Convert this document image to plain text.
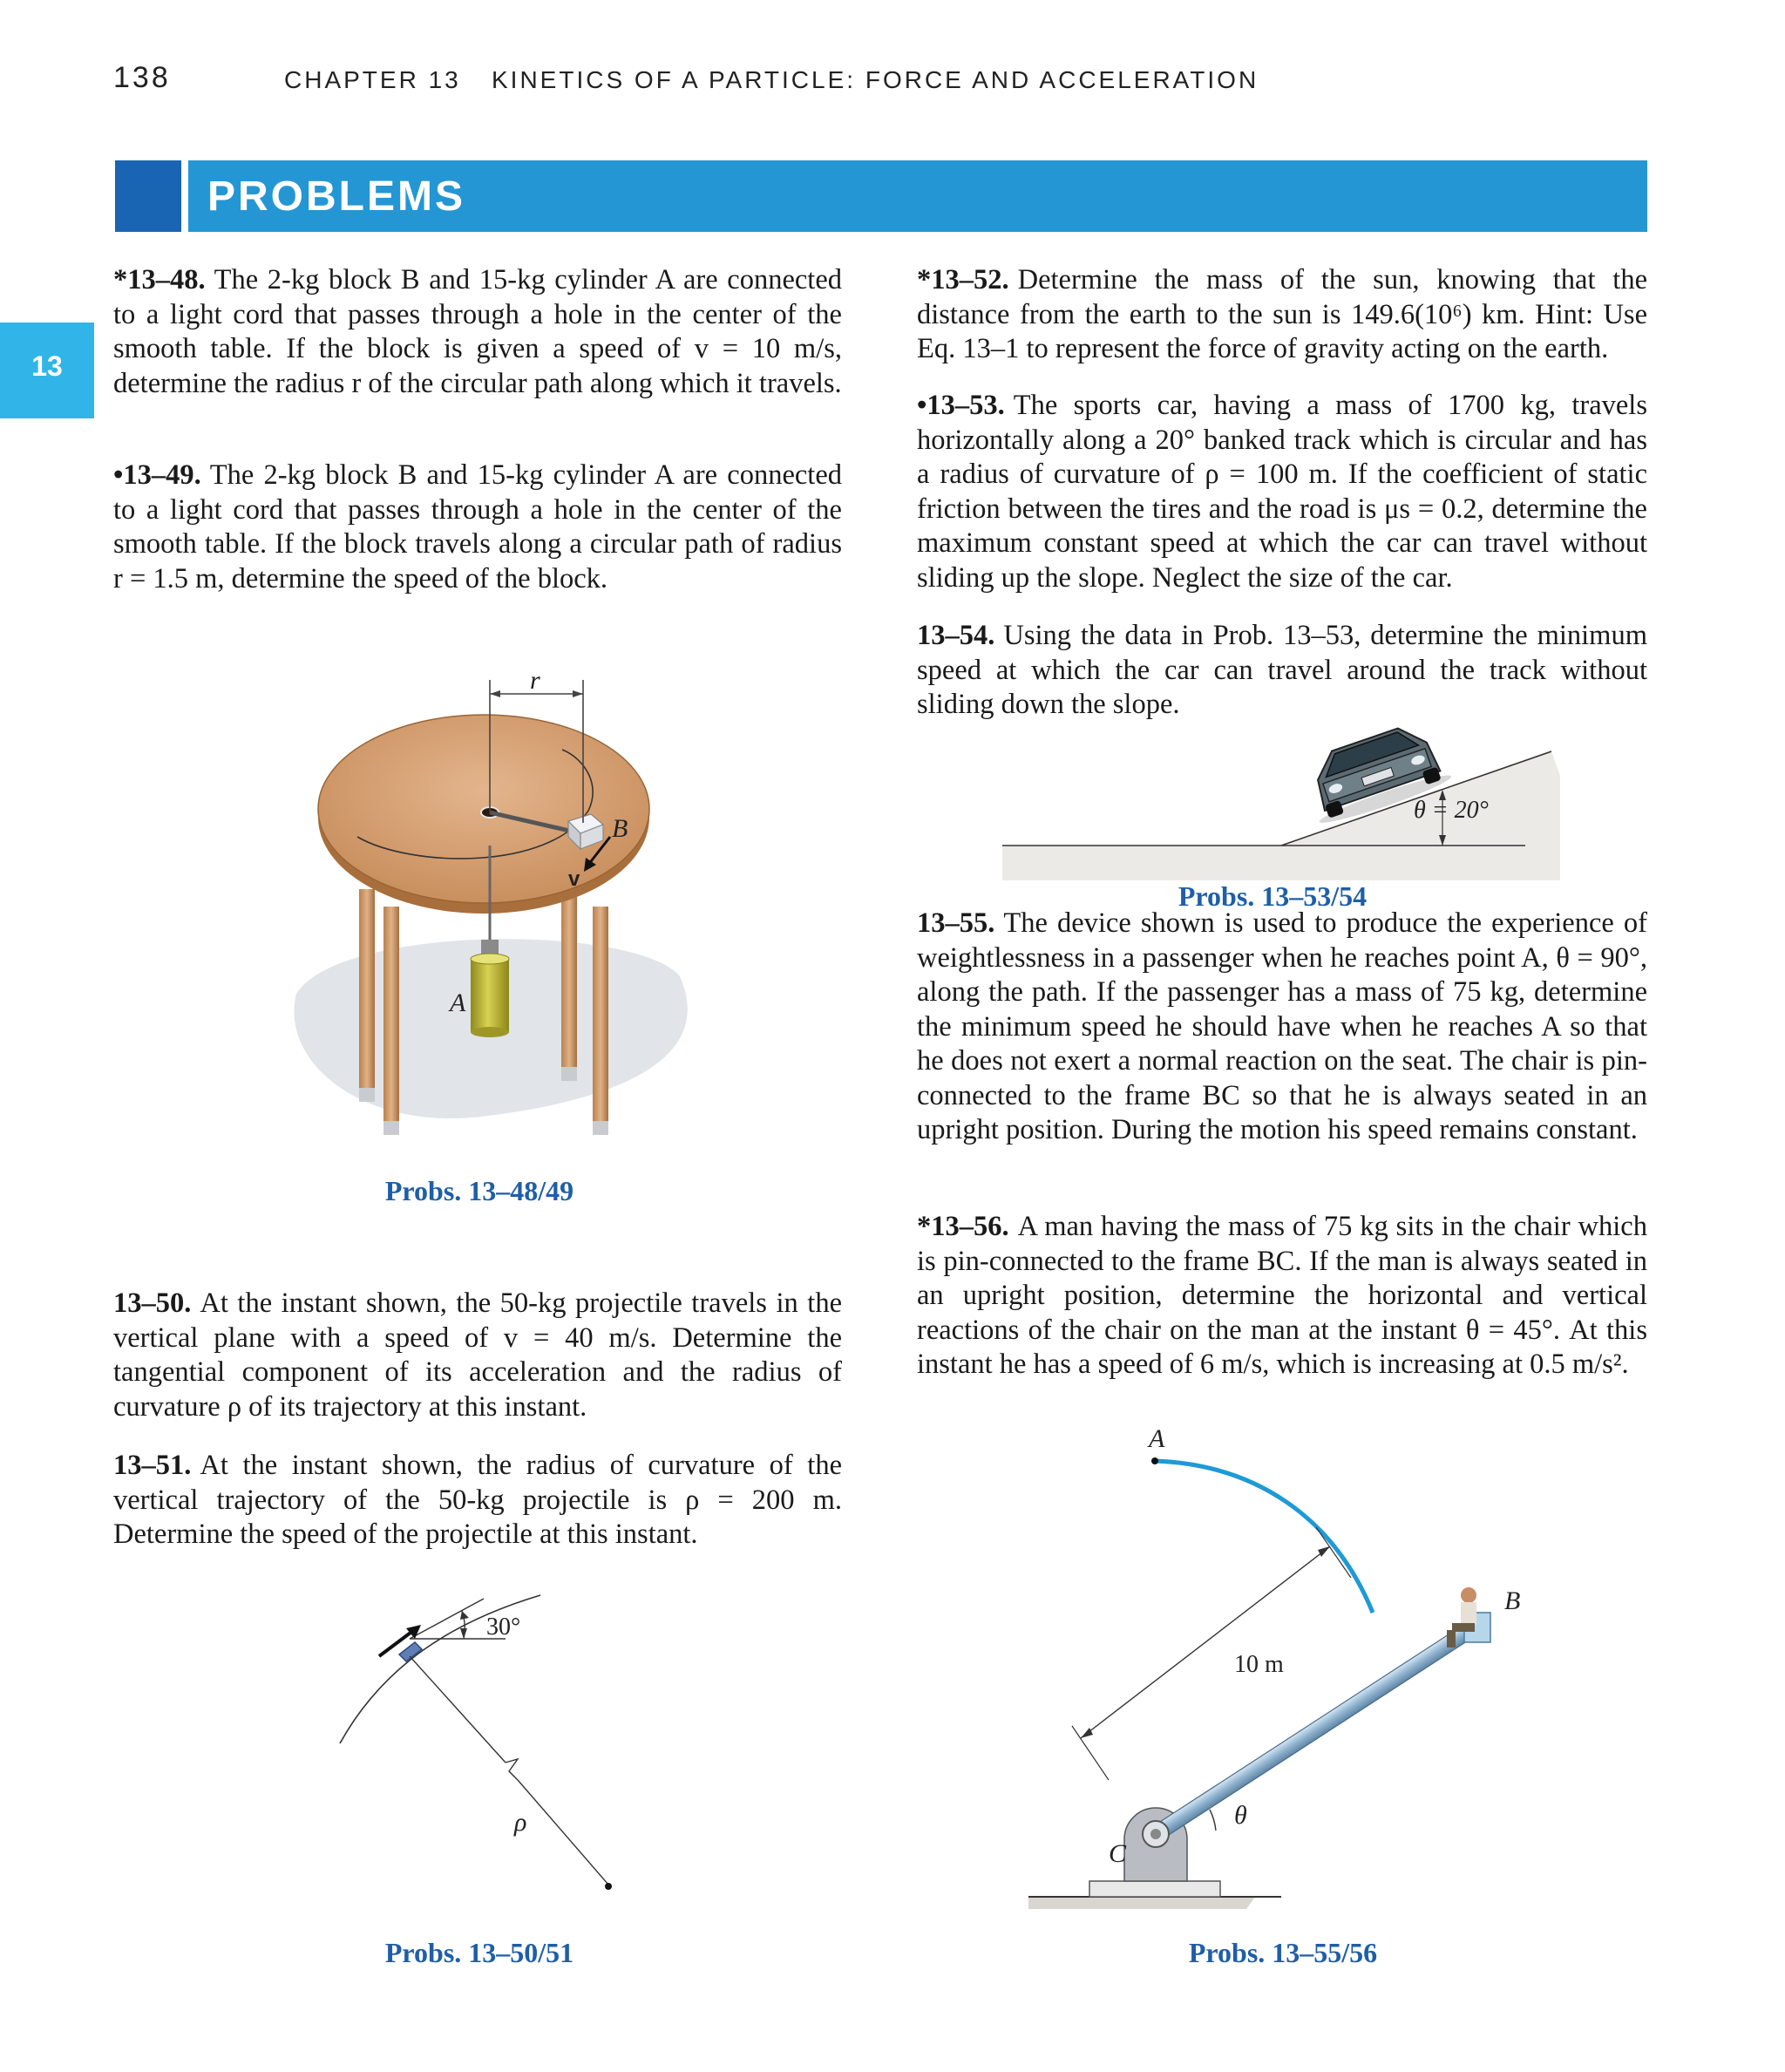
138	CHAPTER 13 KINETICS OF A PARTICLE: FORCE AND ACCELERATION
PROBLEMS
13
*13–48. The 2-kg block B and 15-kg cylinder A are connected to a light cord that passes through a hole in the center of the smooth table. If the block is given a speed of v = 10 m/s, determine the radius r of the circular path along which it travels.
•13–49. The 2-kg block B and 15-kg cylinder A are connected to a light cord that passes through a hole in the center of the smooth table. If the block travels along a circular path of radius r = 1.5 m, determine the speed of the block.
r
B
v
A
Probs. 13–48/49
13–50. At the instant shown, the 50-kg projectile travels in the vertical plane with a speed of v = 40 m/s. Determine the tangential component of its acceleration and the radius of curvature ρ of its trajectory at this instant.
13–51. At the instant shown, the radius of curvature of the vertical trajectory of the 50-kg projectile is ρ = 200 m. Determine the speed of the projectile at this instant.
30°
ρ
Probs. 13–50/51
*13–52. Determine the mass of the sun, knowing that the distance from the earth to the sun is 149.6(10⁶) km. Hint: Use Eq. 13–1 to represent the force of gravity acting on the earth.
•13–53. The sports car, having a mass of 1700 kg, travels horizontally along a 20° banked track which is circular and has a radius of curvature of ρ = 100 m. If the coefficient of static friction between the tires and the road is μs = 0.2, determine the maximum constant speed at which the car can travel without sliding up the slope. Neglect the size of the car.
13–54. Using the data in Prob. 13–53, determine the minimum speed at which the car can travel around the track without sliding down the slope.
θ = 20°
Probs. 13–53/54
13–55. The device shown is used to produce the experience of weightlessness in a passenger when he reaches point A, θ = 90°, along the path. If the passenger has a mass of 75 kg, determine the minimum speed he should have when he reaches A so that he does not exert a normal reaction on the seat. The chair is pin-connected to the frame BC so that he is always seated in an upright position. During the motion his speed remains constant.
*13–56. A man having the mass of 75 kg sits in the chair which is pin-connected to the frame BC. If the man is always seated in an upright position, determine the horizontal and vertical reactions of the chair on the man at the instant θ = 45°. At this instant he has a speed of 6 m/s, which is increasing at 0.5 m/s².
A
B
C
10 m
θ
Probs. 13–55/56
